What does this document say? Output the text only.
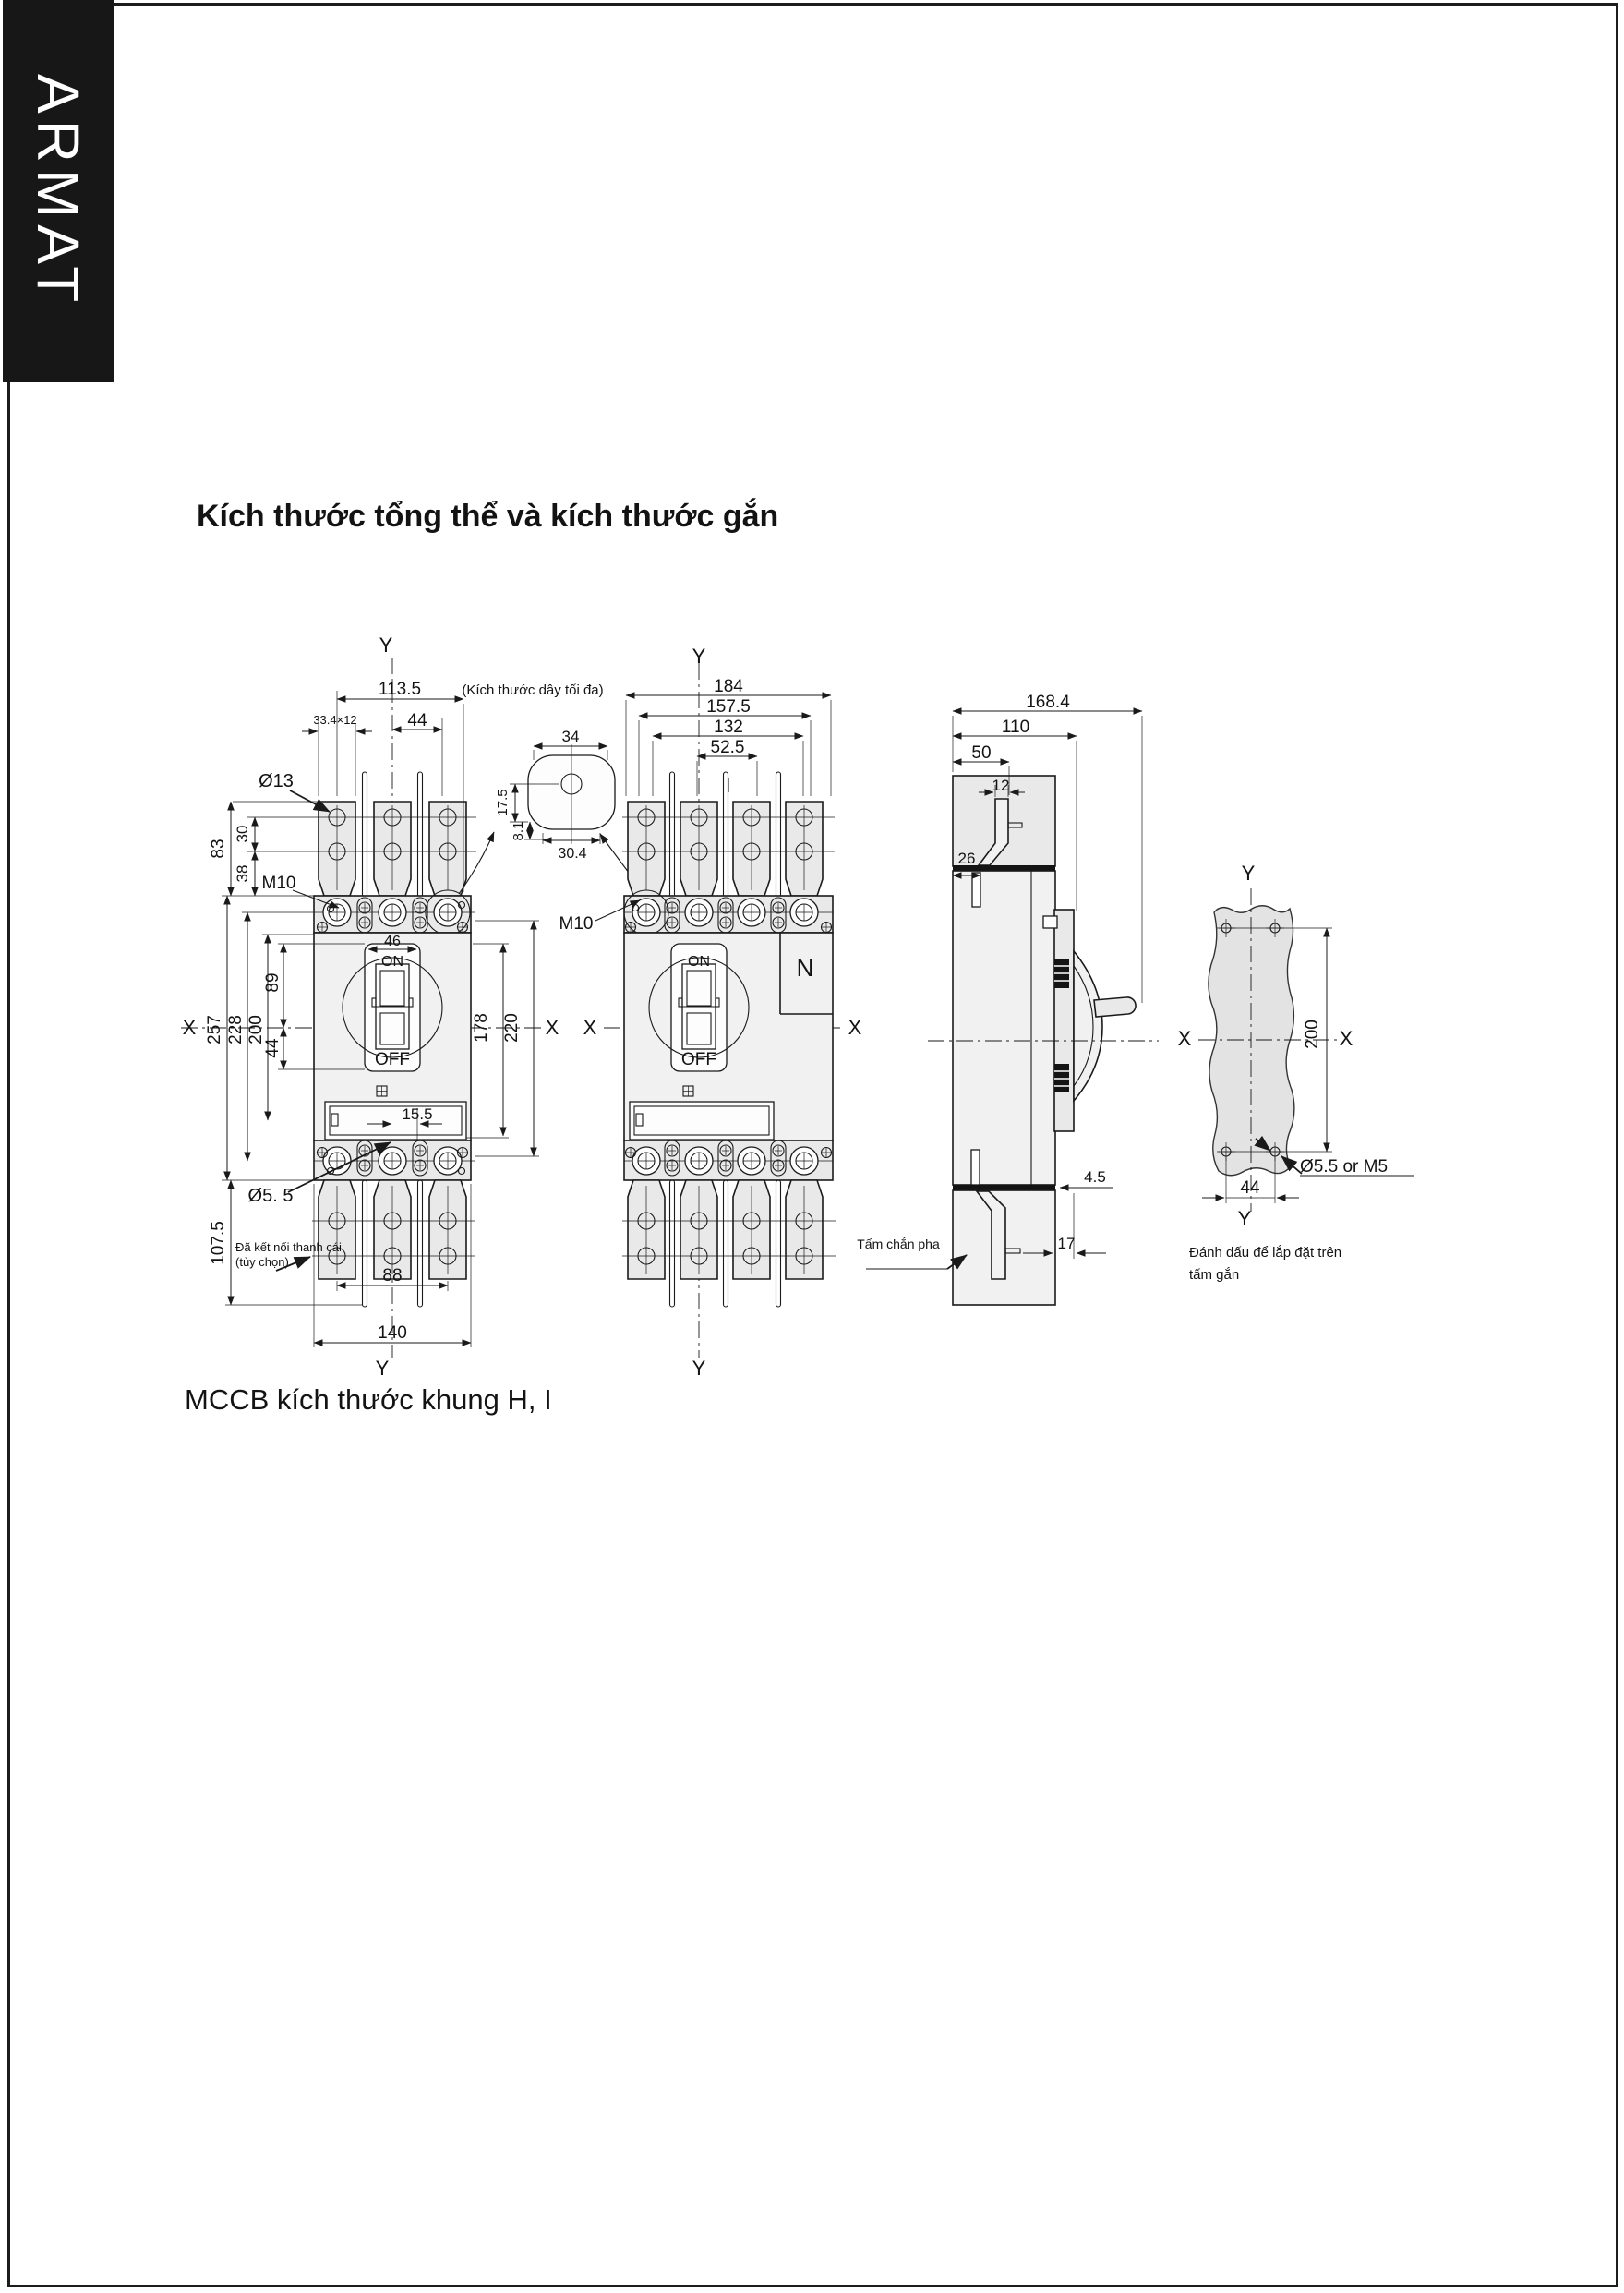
ARMAT
Kích thước tổng thể và kích thước gắn
MCCB kích thước khung H, I
Y
113.5
44
33.4×12
Ø13
83
30
38 M10
46
ON
OFF
257 228 200
89
44
X
15.5
178 220 X
Ø5. 5
107.5 Đã kết nối thanh cái
(tùy chọn)
88
140
Y
(Kích thước dây tối đa)
34
17.5
8.1
30.4
Y
184
157.5
132
52.5
M10
N
ON
OFF
X	X
Y
168.4
110
50
12
26
4.5
17
Tấm chắn pha
Y
X	X
200
Ø5.5 or M5
44
Y
Đánh dấu để lắp đặt trên
tấm gắn
